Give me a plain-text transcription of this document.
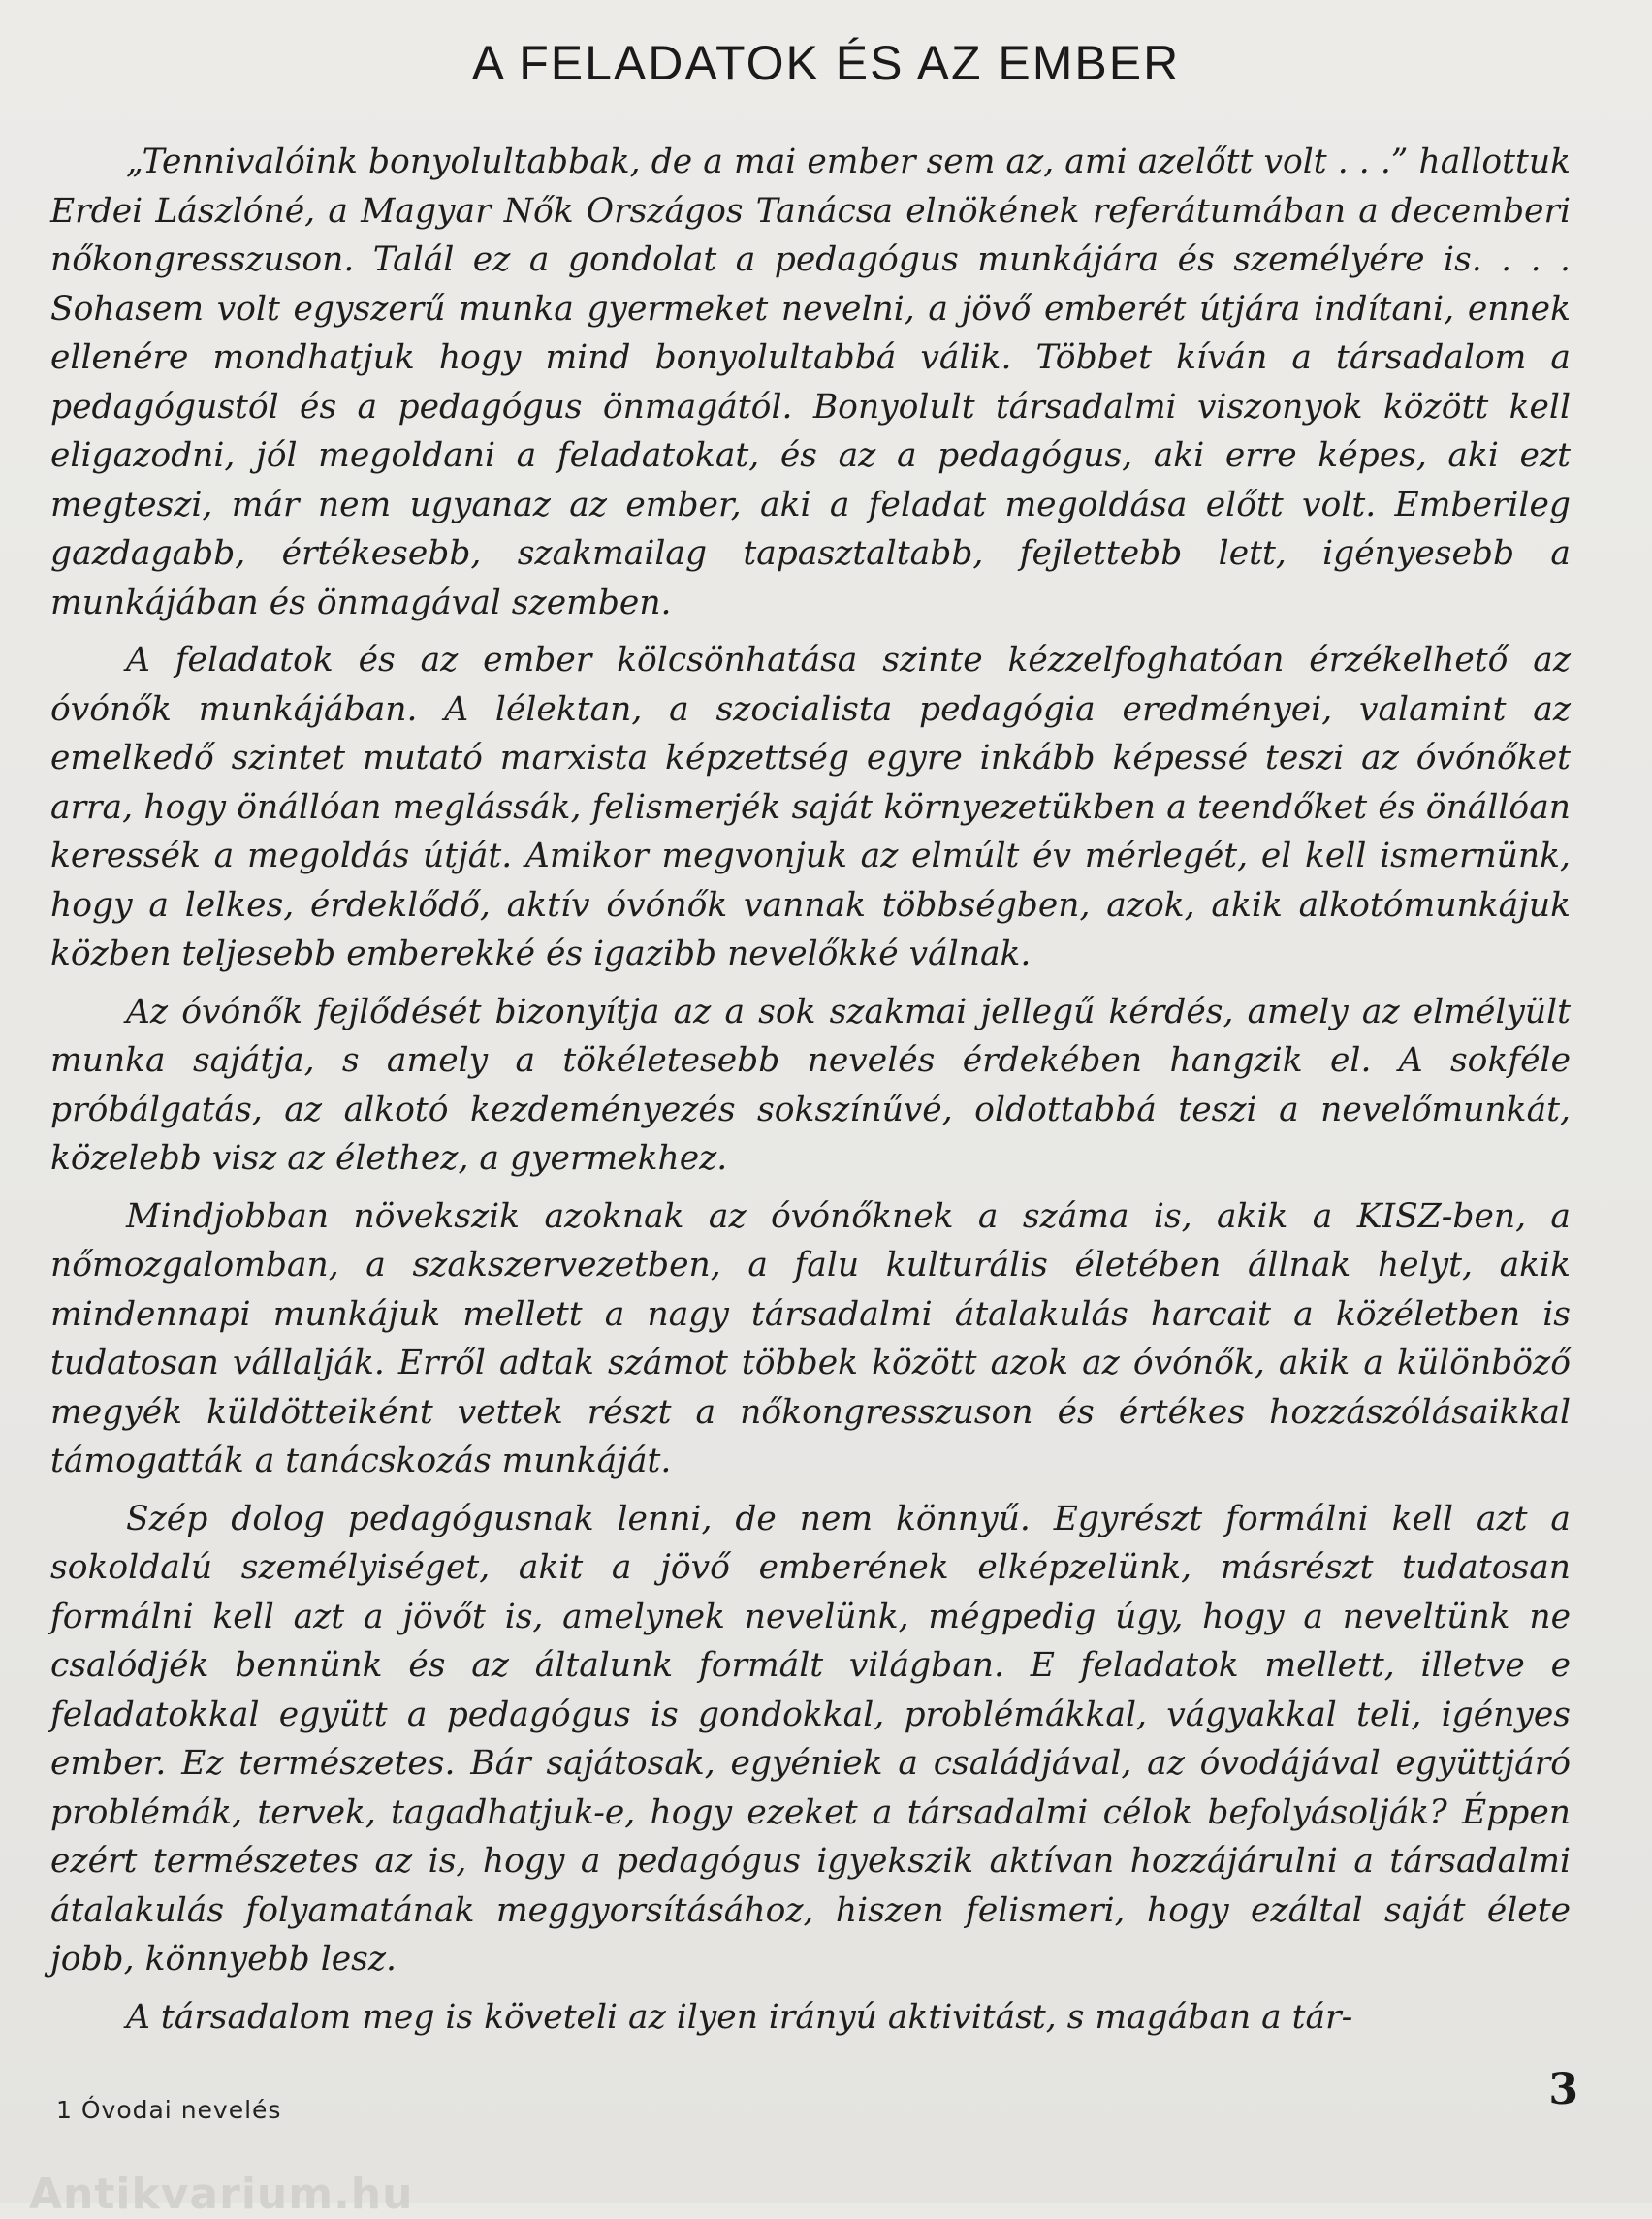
A FELADATOK ÉS AZ EMBER

„Tennivalóink bonyolultabbak, de a mai ember sem az, ami azelőtt volt . . .” hallottuk Erdei Lászlóné, a Magyar Nők Országos Tanácsa elnökének referátumában a decemberi nőkongresszuson. Talál ez a gondolat a pedagógus munkájára és személyére is. . . . Sohasem volt egyszerű munka gyermeket nevelni, a jövő emberét útjára indítani, ennek ellenére mondhatjuk hogy mind bonyolultabbá válik. Többet kíván a társadalom a pedagógustól és a pedagógus önmagától. Bonyolult társadalmi viszonyok között kell eligazodni, jól megoldani a feladatokat, és az a pedagógus, aki erre képes, aki ezt megteszi, már nem ugyanaz az ember, aki a feladat megoldása előtt volt. Emberileg gazdagabb, értékesebb, szakmailag tapasztaltabb, fejlettebb lett, igényesebb a munkájában és önmagával szemben.

A feladatok és az ember kölcsönhatása szinte kézzelfoghatóan érzékelhető az óvónők munkájában. A lélektan, a szocialista pedagógia eredményei, valamint az emelkedő szintet mutató marxista képzettség egyre inkább képessé teszi az óvónőket arra, hogy önállóan meglássák, felismerjék saját környezetükben a teendőket és önállóan keressék a megoldás útját. Amikor megvonjuk az elmúlt év mérlegét, el kell ismernünk, hogy a lelkes, érdeklődő, aktív óvónők vannak többségben, azok, akik alkotómunkájuk közben teljesebb emberekké és igazibb nevelőkké válnak.

Az óvónők fejlődését bizonyítja az a sok szakmai jellegű kérdés, amely az elmélyült munka sajátja, s amely a tökéletesebb nevelés érdekében hangzik el. A sokféle próbálgatás, az alkotó kezdeményezés sokszínűvé, oldottabbá teszi a nevelőmunkát, közelebb visz az élethez, a gyermekhez.

Mindjobban növekszik azoknak az óvónőknek a száma is, akik a KISZ-ben, a nőmozgalomban, a szakszervezetben, a falu kulturális életében állnak helyt, akik mindennapi munkájuk mellett a nagy társadalmi átalakulás harcait a közéletben is tudatosan vállalják. Erről adtak számot többek között azok az óvónők, akik a különböző megyék küldötteiként vettek részt a nőkongresszuson és értékes hozzászólásaikkal támogatták a tanácskozás munkáját.

Szép dolog pedagógusnak lenni, de nem könnyű. Egyrészt formálni kell azt a sokoldalú személyiséget, akit a jövő emberének elképzelünk, másrészt tudatosan formálni kell azt a jövőt is, amelynek nevelünk, mégpedig úgy, hogy a neveltünk ne csalódjék bennünk és az általunk formált világban. E feladatok mellett, illetve e feladatokkal együtt a pedagógus is gondokkal, problémákkal, vágyakkal teli, igényes ember. Ez természetes. Bár sajátosak, egyéniek a családjával, az óvodájával együttjáró problémák, tervek, tagadhatjuk-e, hogy ezeket a társadalmi célok befolyásolják? Éppen ezért természetes az is, hogy a pedagógus igyekszik aktívan hozzájárulni a társadalmi átalakulás folyamatának meggyorsításához, hiszen felismeri, hogy ezáltal saját élete jobb, könnyebb lesz.

A társadalom meg is követeli az ilyen irányú aktivitást, s magában a tár-

1 Óvodai nevelés	3
Antikvarium.hu
